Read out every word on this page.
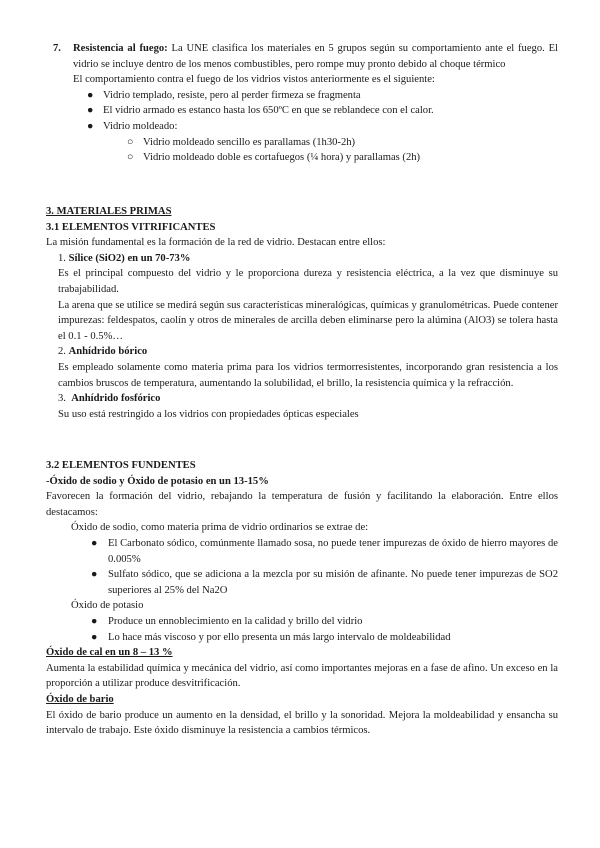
7.	Resistencia al fuego: La UNE clasifica los materiales en 5 grupos según su comportamiento ante el fuego. El vidrio se incluye dentro de los menos combustibles, pero rompe muy pronto debido al choque térmico

El comportamiento contra el fuego de los vidrios vistos anteriormente es el siguiente:

● Vidrio templado, resiste, pero al perder firmeza se fragmenta

● El vidrio armado es estanco hasta los 650ºC en que se reblandece con el calor.

● Vidrio moldeado:

○ Vidrio moldeado sencillo es parallamas (1h30-2h)

○ Vidrio moldeado doble es cortafuegos (¼ hora) y parallamas (2h)

3. MATERIALES PRIMAS

3.1 ELEMENTOS VITRIFICANTES

La misión fundamental es la formación de la red de vidrio. Destacan entre ellos:

1. Sílice (SiO2) en un 70-73%

Es el principal compuesto del vidrio y le proporciona dureza y resistencia eléctrica, a la vez que disminuye su trabajabilidad.

La arena que se utilice se medirá según sus características mineralógicas, químicas y granulométricas. Puede contener impurezas: feldespatos, caolín y otros de minerales de arcilla deben eliminarse pero la alúmina (AlO3) se tolera hasta el 0.1 - 0.5%…

2. Anhídrido bórico

Es empleado solamente como materia prima para los vidrios termorresistentes, incorporando gran resistencia a los cambios bruscos de temperatura, aumentando la solubilidad, el brillo, la resistencia química y la refracción.

3. Anhídrido fosfórico

Su uso está restringido a los vidrios con propiedades ópticas especiales

3.2 ELEMENTOS FUNDENTES

-Óxido de sodio y Óxido de potasio en un 13-15%

Favorecen la formación del vidrio, rebajando la temperatura de fusión y facilitando la elaboración. Entre ellos destacamos:

Óxido de sodio, como materia prima de vidrio ordinarios se extrae de:

● El Carbonato sódico, comúnmente llamado sosa, no puede tener impurezas de óxido de hierro mayores de 0.005%

● Sulfato sódico, que se adiciona a la mezcla por su misión de afinante. No puede tener impurezas de SO2 superiores al 25% del Na2O

Óxido de potasio

● Produce un ennoblecimiento en la calidad y brillo del vidrio

● Lo hace más viscoso y por ello presenta un más largo intervalo de moldeabilidad

Óxido de cal en un 8 – 13 %

Aumenta la estabilidad química y mecánica del vidrio, así como importantes mejoras en a fase de afino. Un exceso en la proporción a utilizar produce desvitrificación.

Óxido de bario

El óxido de bario produce un aumento en la densidad, el brillo y la sonoridad. Mejora la moldeabilidad y ensancha su intervalo de trabajo. Este óxido disminuye la resistencia a cambios térmicos.
